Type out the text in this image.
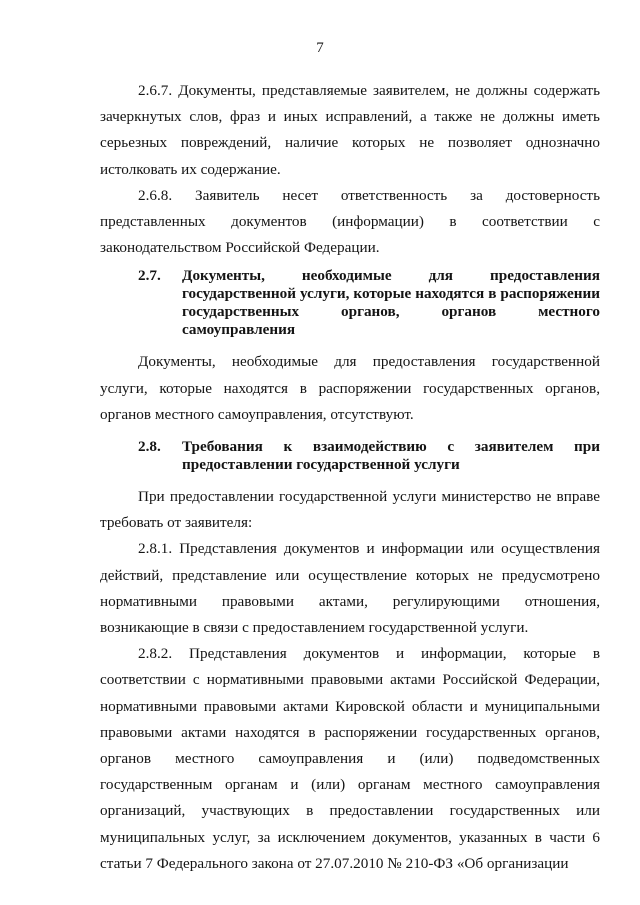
7

2.6.7. Документы, представляемые заявителем, не должны содержать зачеркнутых слов, фраз и иных исправлений, а также не должны иметь серьезных повреждений, наличие которых не позволяет однозначно истолковать их содержание.

2.6.8. Заявитель несет ответственность за достоверность представленных документов (информации) в соответствии с законодательством Российской Федерации.

2.7.	Документы, необходимые для предоставления государственной услуги, которые находятся в распоряжении государственных органов, органов местного самоуправления

Документы, необходимые для предоставления государственной услуги, которые находятся в распоряжении государственных органов, органов местного самоуправления, отсутствуют.

2.8.	Требования к взаимодействию с заявителем при предоставлении государственной услуги

При предоставлении государственной услуги министерство не вправе требовать от заявителя:

2.8.1. Представления документов и информации или осуществления действий, представление или осуществление которых не предусмотрено нормативными правовыми актами, регулирующими отношения, возникающие в связи с предоставлением государственной услуги.

2.8.2. Представления документов и информации, которые в соответствии с нормативными правовыми актами Российской Федерации, нормативными правовыми актами Кировской области и муниципальными правовыми актами находятся в распоряжении государственных органов, органов местного самоуправления и (или) подведомственных государственным органам и (или) органам местного самоуправления организаций, участвующих в предоставлении государственных или муниципальных услуг, за исключением документов, указанных в части 6 статьи 7 Федерального закона от 27.07.2010 № 210-ФЗ «Об организации
